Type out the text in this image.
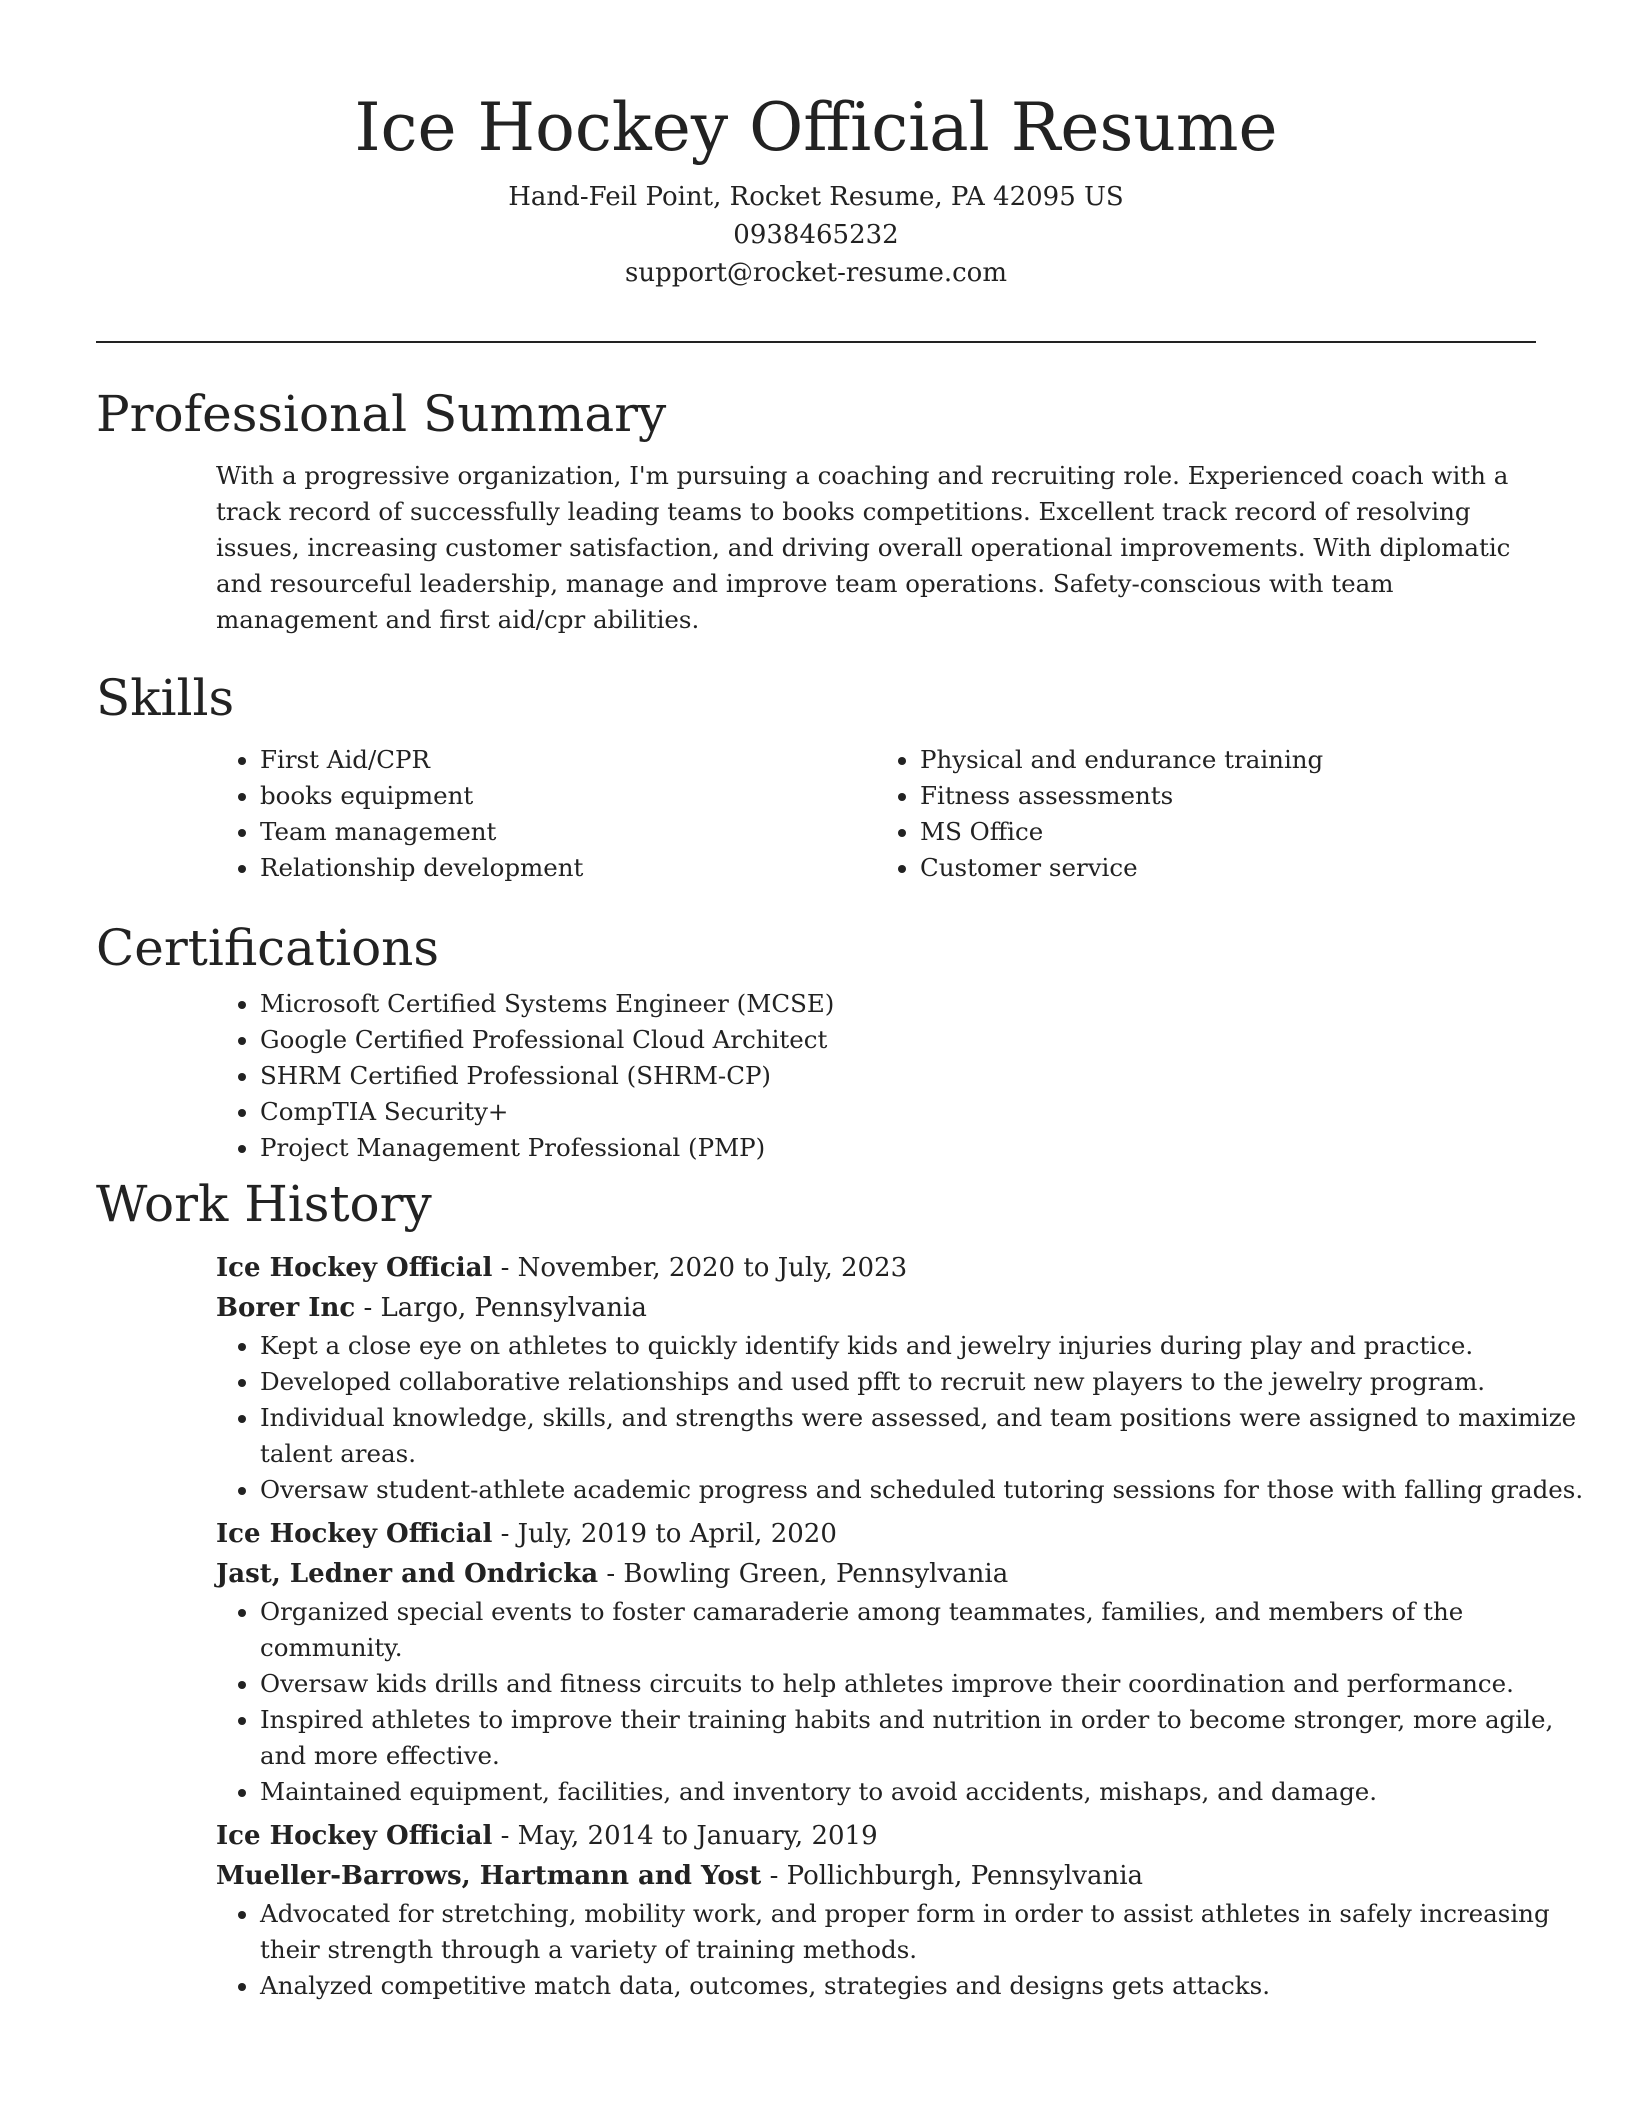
Ice Hockey Official Resume

Hand-Feil Point, Rocket Resume, PA 42095 US

0938465232

support@rocket-resume.com

Professional Summary

With a progressive organization, I'm pursuing a coaching and recruiting role. Experienced coach with a track record of successfully leading teams to books competitions. Excellent track record of resolving issues, increasing customer satisfaction, and driving overall operational improvements. With diplomatic and resourceful leadership, manage and improve team operations. Safety-conscious with team management and first aid/cpr abilities.

Skills
• First Aid/CPR
• books equipment
• Team management
• Relationship development
• Physical and endurance training
• Fitness assessments
• MS Office
• Customer service
Certifications
• Microsoft Certified Systems Engineer (MCSE)
• Google Certified Professional Cloud Architect
• SHRM Certified Professional (SHRM-CP)
• CompTIA Security+
• Project Management Professional (PMP)
Work History

Ice Hockey Official - November, 2020 to July, 2023

Borer Inc - Largo, Pennsylvania

• Kept a close eye on athletes to quickly identify kids and jewelry injuries during play and practice.
• Developed collaborative relationships and used pfft to recruit new players to the jewelry program.
• Individual knowledge, skills, and strengths were assessed, and team positions were assigned to maximize talent areas.
• Oversaw student-athlete academic progress and scheduled tutoring sessions for those with falling grades.

Ice Hockey Official - July, 2019 to April, 2020

Jast, Ledner and Ondricka - Bowling Green, Pennsylvania

• Organized special events to foster camaraderie among teammates, families, and members of the community.
• Oversaw kids drills and fitness circuits to help athletes improve their coordination and performance.
• Inspired athletes to improve their training habits and nutrition in order to become stronger, more agile, and more effective.
• Maintained equipment, facilities, and inventory to avoid accidents, mishaps, and damage.

Ice Hockey Official - May, 2014 to January, 2019

Mueller-Barrows, Hartmann and Yost - Pollichburgh, Pennsylvania

• Advocated for stretching, mobility work, and proper form in order to assist athletes in safely increasing their strength through a variety of training methods.
• Analyzed competitive match data, outcomes, strategies and designs gets attacks.
